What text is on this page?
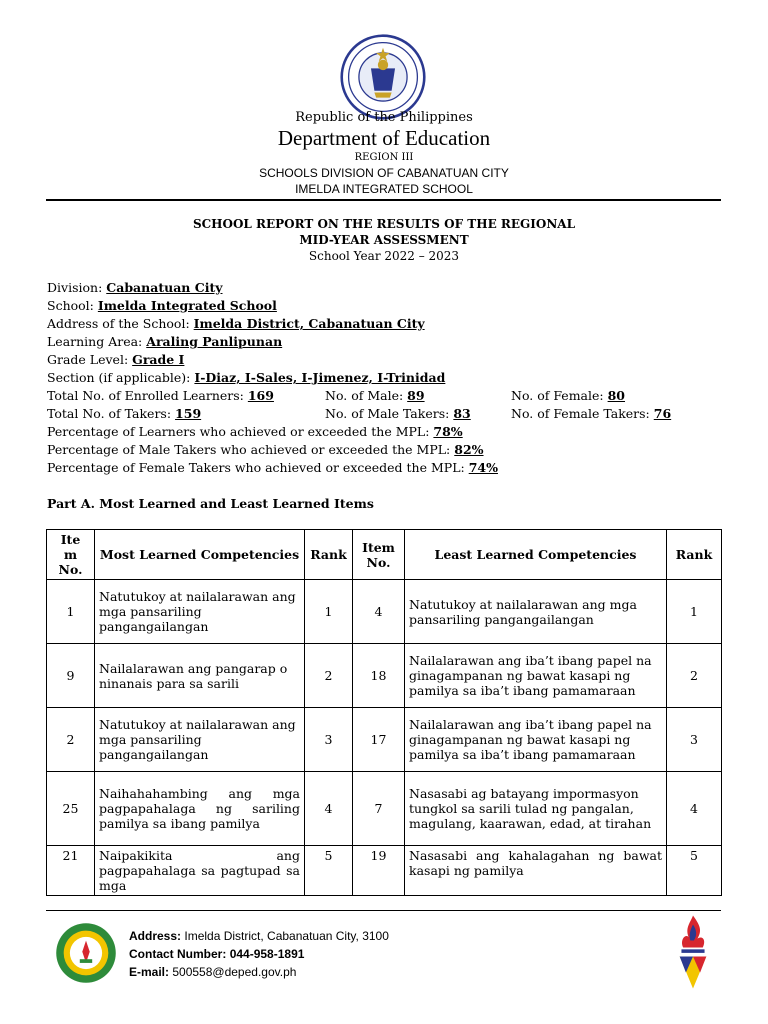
Republic of the Philippines
Department of Education
REGION III
SCHOOLS DIVISION OF CABANATUAN CITY
IMELDA INTEGRATED SCHOOL
SCHOOL REPORT ON THE RESULTS OF THE REGIONAL
MID-YEAR ASSESSMENT
School Year 2022 – 2023
Division: Cabanatuan City
School: Imelda Integrated School
Address of the School: Imelda District, Cabanatuan City
Learning Area: Araling Panlipunan
Grade Level: Grade I
Section (if applicable): I-Diaz, I-Sales, I-Jimenez, I-Trinidad
Total No. of Enrolled Learners: 169	No. of Male: 89	No. of Female: 80
Total No. of Takers: 159	No. of Male Takers: 83	No. of Female Takers: 76
Percentage of Learners who achieved or exceeded the MPL: 78%
Percentage of Male Takers who achieved or exceeded the MPL: 82%
Percentage of Female Takers who achieved or exceeded the MPL: 74%
Part A. Most Learned and Least Learned Items
Ite m No.	Most Learned Competencies	Rank	Item No.	Least Learned Competencies	Rank
1	Natutukoy at nailalarawan ang mga pansariling pangangailangan	1	4	Natutukoy at nailalarawan ang mga pansariling pangangailangan	1
9	Nailalarawan ang pangarap o ninanais para sa sarili	2	18	Nailalarawan ang iba’t ibang papel na ginagampanan ng bawat kasapi ng pamilya sa iba’t ibang pamamaraan	2
2	Natutukoy at nailalarawan ang mga pansariling pangangailangan	3	17	Nailalarawan ang iba’t ibang papel na ginagampanan ng bawat kasapi ng pamilya sa iba’t ibang pamamaraan	3
25	Naihahahambing ang mga pagpapahalaga ng sariling pamilya sa ibang pamilya	4	7	Nasasabi ag batayang impormasyon tungkol sa sarili tulad ng pangalan, magulang, kaarawan, edad, at tirahan	4
21	Naipakikita ang pagpapahalaga sa pagtupad sa mga	5	19	Nasasabi ang kahalagahan ng bawat kasapi ng pamilya	5
Address: Imelda District, Cabanatuan City, 3100
Contact Number: 044-958-1891
E-mail: 500558@deped.gov.ph
